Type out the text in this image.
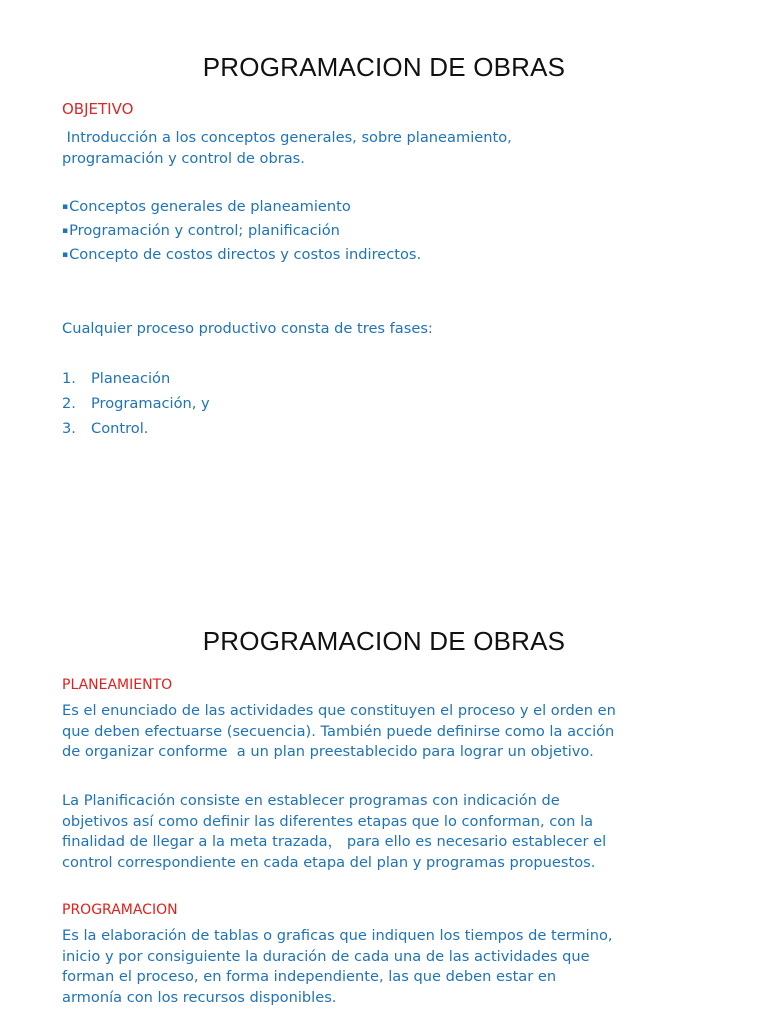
PROGRAMACION DE OBRAS
OBJETIVO
Introducción a los conceptos generales, sobre planeamiento,
programación y control de obras.
▪Conceptos generales de planeamiento
▪Programación y control; planificación
▪Concepto de costos directos y costos indirectos.
Cualquier proceso productivo consta de tres fases:
1. Planeación
2. Programación, y
3. Control.
PROGRAMACION DE OBRAS
PLANEAMIENTO
Es el enunciado de las actividades que constituyen el proceso y el orden en
que deben efectuarse (secuencia). También puede definirse como la acción
de organizar conforme  a un plan preestablecido para lograr un objetivo.
La Planificación consiste en establecer programas con indicación de
objetivos así como definir las diferentes etapas que lo conforman, con la
finalidad de llegar a la meta trazada， para ello es necesario establecer el
control correspondiente en cada etapa del plan y programas propuestos.
PROGRAMACION
Es la elaboración de tablas o graficas que indiquen los tiempos de termino,
inicio y por consiguiente la duración de cada una de las actividades que
forman el proceso, en forma independiente, las que deben estar en
armonía con los recursos disponibles.
